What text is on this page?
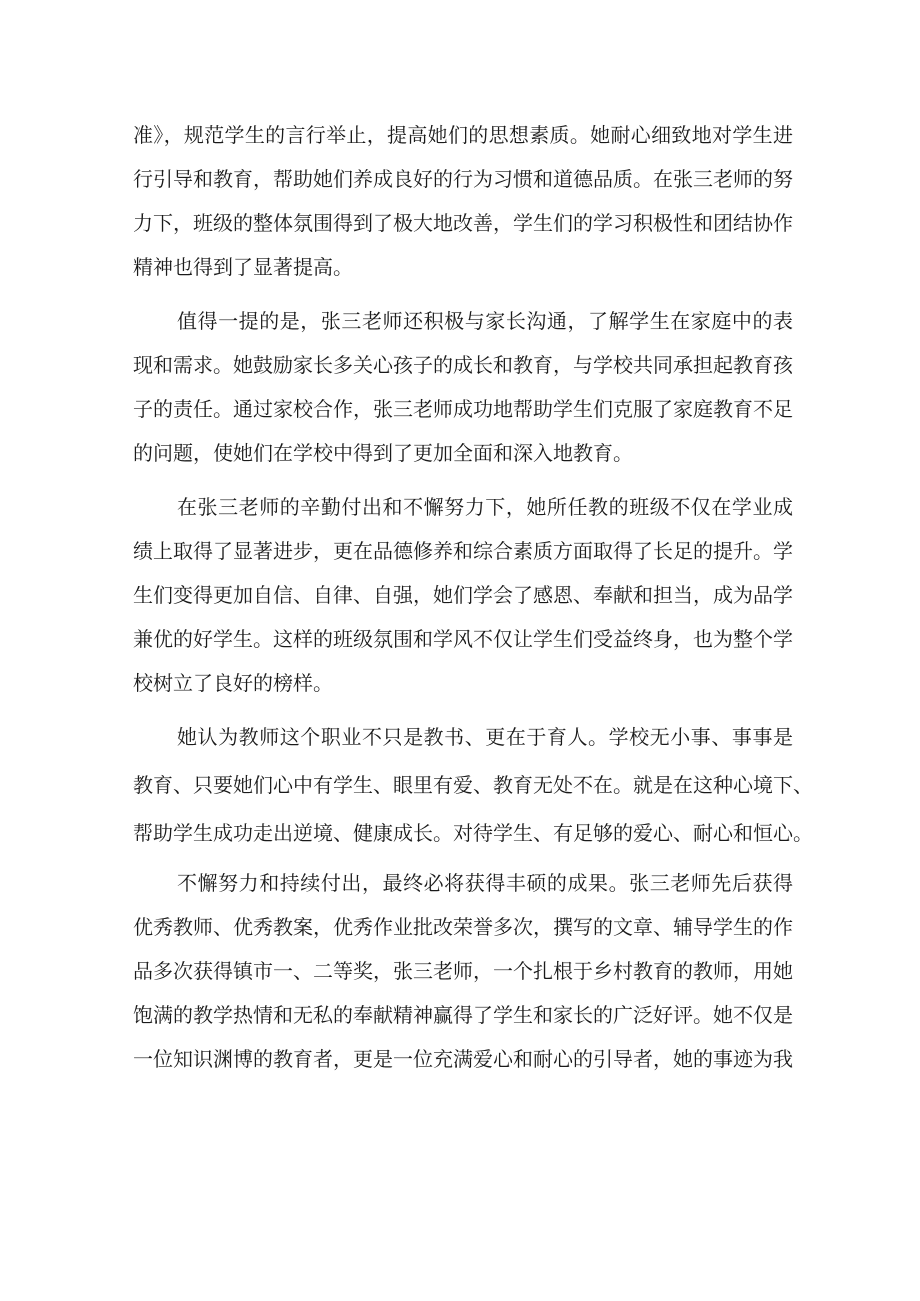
准》，规范学生的言行举止，提高她们的思想素质。她耐心细致地对学生进
行引导和教育，帮助她们养成良好的行为习惯和道德品质。在张三老师的努
力下，班级的整体氛围得到了极大地改善，学生们的学习积极性和团结协作
精神也得到了显著提高。
值得一提的是，张三老师还积极与家长沟通，了解学生在家庭中的表
现和需求。她鼓励家长多关心孩子的成长和教育，与学校共同承担起教育孩
子的责任。通过家校合作，张三老师成功地帮助学生们克服了家庭教育不足
的问题，使她们在学校中得到了更加全面和深入地教育。
在张三老师的辛勤付出和不懈努力下，她所任教的班级不仅在学业成
绩上取得了显著进步，更在品德修养和综合素质方面取得了长足的提升。学
生们变得更加自信、自律、自强，她们学会了感恩、奉献和担当，成为品学
兼优的好学生。这样的班级氛围和学风不仅让学生们受益终身，也为整个学
校树立了良好的榜样。
她认为教师这个职业不只是教书、更在于育人。学校无小事、事事是
教育、只要她们心中有学生、眼里有爱、教育无处不在。就是在这种心境下、
帮助学生成功走出逆境、健康成长。对待学生、有足够的爱心、耐心和恒心。
不懈努力和持续付出，最终必将获得丰硕的成果。张三老师先后获得
优秀教师、优秀教案，优秀作业批改荣誉多次，撰写的文章、辅导学生的作
品多次获得镇市一、二等奖，张三老师，一个扎根于乡村教育的教师，用她
饱满的教学热情和无私的奉献精神赢得了学生和家长的广泛好评。她不仅是
一位知识渊博的教育者，更是一位充满爱心和耐心的引导者，她的事迹为我
